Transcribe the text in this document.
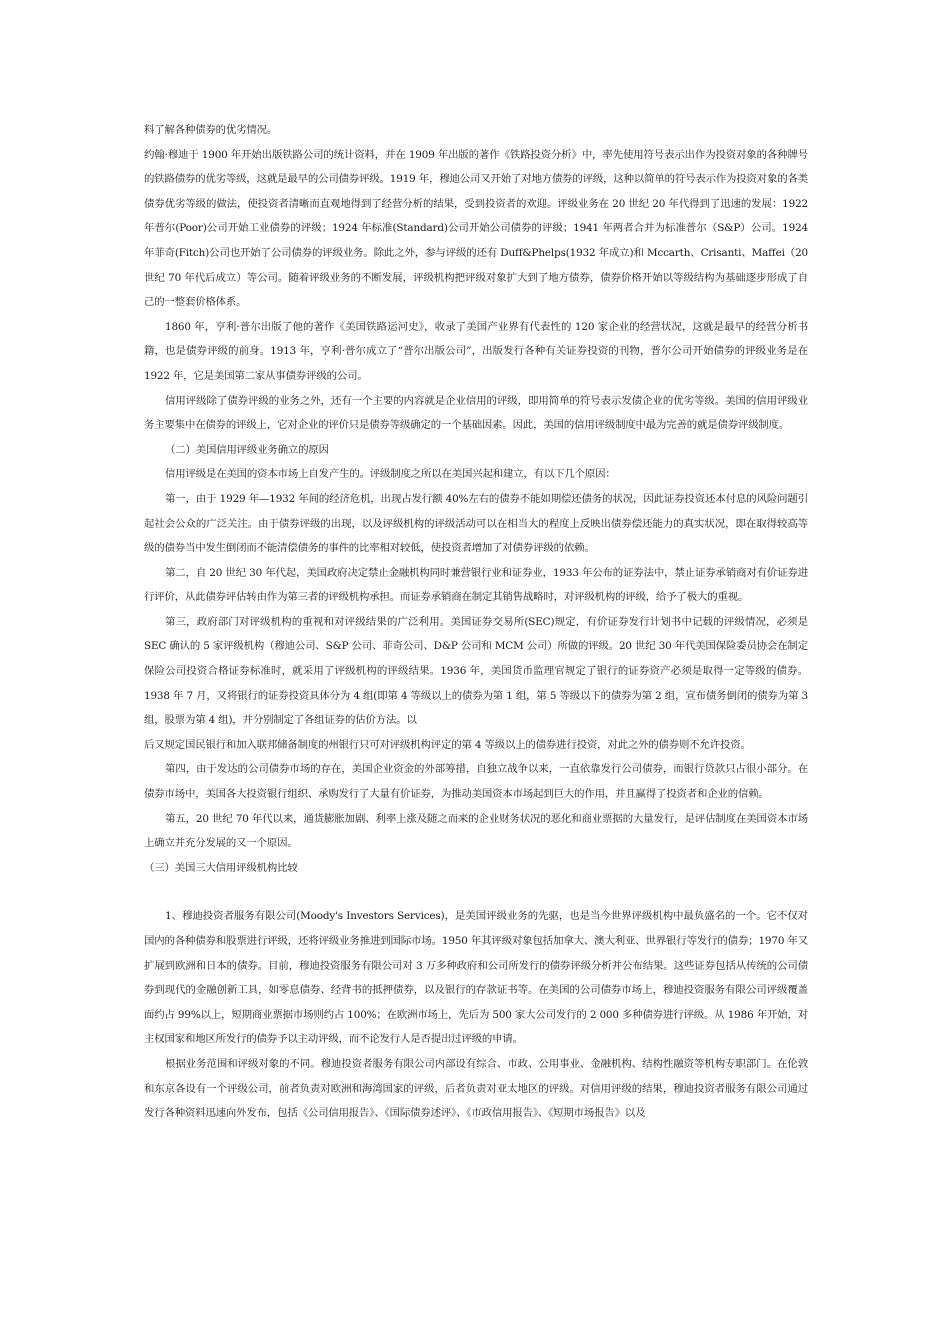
料了解各种债券的优劣情况。

约翰·穆迪于 1900 年开始出版铁路公司的统计资料，并在 1909 年出版的著作《铁路投资分析》中，率先使用符号表示出作为投资对象的各种牌号的铁路债券的优劣等级，这就是最早的公司债券评级。1919 年，穆迪公司又开始了对地方债券的评级，这种以简单的符号表示作为投资对象的各类债券优劣等级的做法，使投资者清晰而直观地得到了经营分析的结果，受到投资者的欢迎。评级业务在 20 世纪 20 年代得到了迅速的发展：1922 年普尔(Poor)公司开始工业债券的评级；1924 年标准(Standard)公司开始公司债券的评级；1941 年两者合并为标准普尔（S&P）公司。1924 年菲奇(Fitch)公司也开始了公司债券的评级业务。除此之外，参与评级的还有 Duff&Phelps(1932 年成立)和 Mccarth、Crisanti、Maffei（20 世纪 70 年代后成立）等公司。随着评级业务的不断发展，评级机构把评级对象扩大到了地方债券，债券价格开始以等级结构为基础逐步形成了自己的一整套价格体系。

1860 年，亨利·普尔出版了他的著作《美国铁路运河史》，收录了美国产业界有代表性的 120 家企业的经营状况，这就是最早的经营分析书籍，也是债券评级的前身。1913 年，亨利·普尔成立了“普尔出版公司”，出版发行各种有关证券投资的刊物，普尔公司开始债券的评级业务是在 1922 年，它是美国第二家从事债券评级的公司。

信用评级除了债券评级的业务之外，还有一个主要的内容就是企业信用的评级，即用简单的符号表示发债企业的优劣等级。美国的信用评级业务主要集中在债券的评级上，它对企业的评价只是债券等级确定的一个基础因素。因此，美国的信用评级制度中最为完善的就是债券评级制度。

（二）美国信用评级业务确立的原因

信用评级是在美国的资本市场上自发产生的。评级制度之所以在美国兴起和建立，有以下几个原因：

第一，由于 1929 年—1932 年间的经济危机，出现占发行额 40%左右的债券不能如期偿还债务的状况，因此证券投资还本付息的风险问题引起社会公众的广泛关注。由于债券评级的出现，以及评级机构的评级活动可以在相当大的程度上反映出债券偿还能力的真实状况，即在取得较高等级的债券当中发生倒闭而不能清偿债务的事件的比率相对较低，使投资者增加了对债券评级的依赖。

第二，自 20 世纪 30 年代起，美国政府决定禁止金融机构同时兼营银行业和证券业，1933 年公布的证券法中，禁止证券承销商对有价证券进行评价，从此债券评估转由作为第三者的评级机构承担。而证券承销商在制定其销售战略时，对评级机构的评级，给予了极大的重视。

第三，政府部门对评级机构的重视和对评级结果的广泛利用。美国证券交易所(SEC)规定，有价证券发行计划书中记载的评级情况，必须是 SEC 确认的 5 家评级机构（穆迪公司、S&P 公司、菲奇公司、D&P 公司和 MCM 公司）所做的评级。20 世纪 30 年代美国保险委员协会在制定保险公司投资合格证券标准时，就采用了评级机构的评级结果。1936 年，美国货币监理官规定了银行的证券资产必须是取得一定等级的债券。1938 年 7 月，又将银行的证券投资具体分为 4 组(即第 4 等级以上的债券为第 1 组，第 5 等级以下的债券为第 2 组，宣布债务倒闭的债券为第 3 组，股票为第 4 组)，并分别制定了各组证券的估价方法。以

后又规定国民银行和加入联邦储备制度的州银行只可对评级机构评定的第 4 等级以上的债券进行投资，对此之外的债券则不允许投资。

第四，由于发达的公司债券市场的存在，美国企业资金的外部筹措，自独立战争以来，一直依靠发行公司债券，而银行贷款只占很小部分。在债券市场中，美国各大投资银行组织、承购发行了大量有价证券，为推动美国资本市场起到巨大的作用，并且赢得了投资者和企业的信赖。

第五，20 世纪 70 年代以来，通货膨胀加剧、利率上涨及随之而来的企业财务状况的恶化和商业票据的大量发行，是评估制度在美国资本市场上确立并充分发展的又一个原因。

（三）美国三大信用评级机构比较

1、穆迪投资者服务有限公司(Moody's Investors Services)，是美国评级业务的先驱，也是当今世界评级机构中最负盛名的一个。它不仅对国内的各种债券和股票进行评级，还将评级业务推进到国际市场。1950 年其评级对象包括加拿大、澳大利亚、世界银行等发行的债券；1970 年又扩展到欧洲和日本的债券。目前，穆迪投资服务有限公司对 3 万多种政府和公司所发行的债券评级分析并公布结果。这些证券包括从传统的公司债券到现代的金融创新工具，如零息债券、经背书的抵押债券，以及银行的存款证书等。在美国的公司债券市场上，穆迪投资服务有限公司评级覆盖面约占 99%以上，短期商业票据市场则约占 100%；在欧洲市场上，先后为 500 家大公司发行的 2 000 多种债券进行评级。从 1986 年开始，对主权国家和地区所发行的债券予以主动评级，而不论发行人是否提出过评级的申请。

根据业务范围和评级对象的不同。穆迪投资者服务有限公司内部设有综合、市政、公用事业、金融机构、结构性融资等机构专职部门。在伦敦和东京各设有一个评级公司，前者负责对欧洲和海湾国家的评级，后者负责对亚太地区的评级。对信用评级的结果，穆迪投资者服务有限公司通过发行各种资料迅速向外发布，包括《公司信用报告》、《国际债券述评》、《市政信用报告》、《短期市场报告》以及
